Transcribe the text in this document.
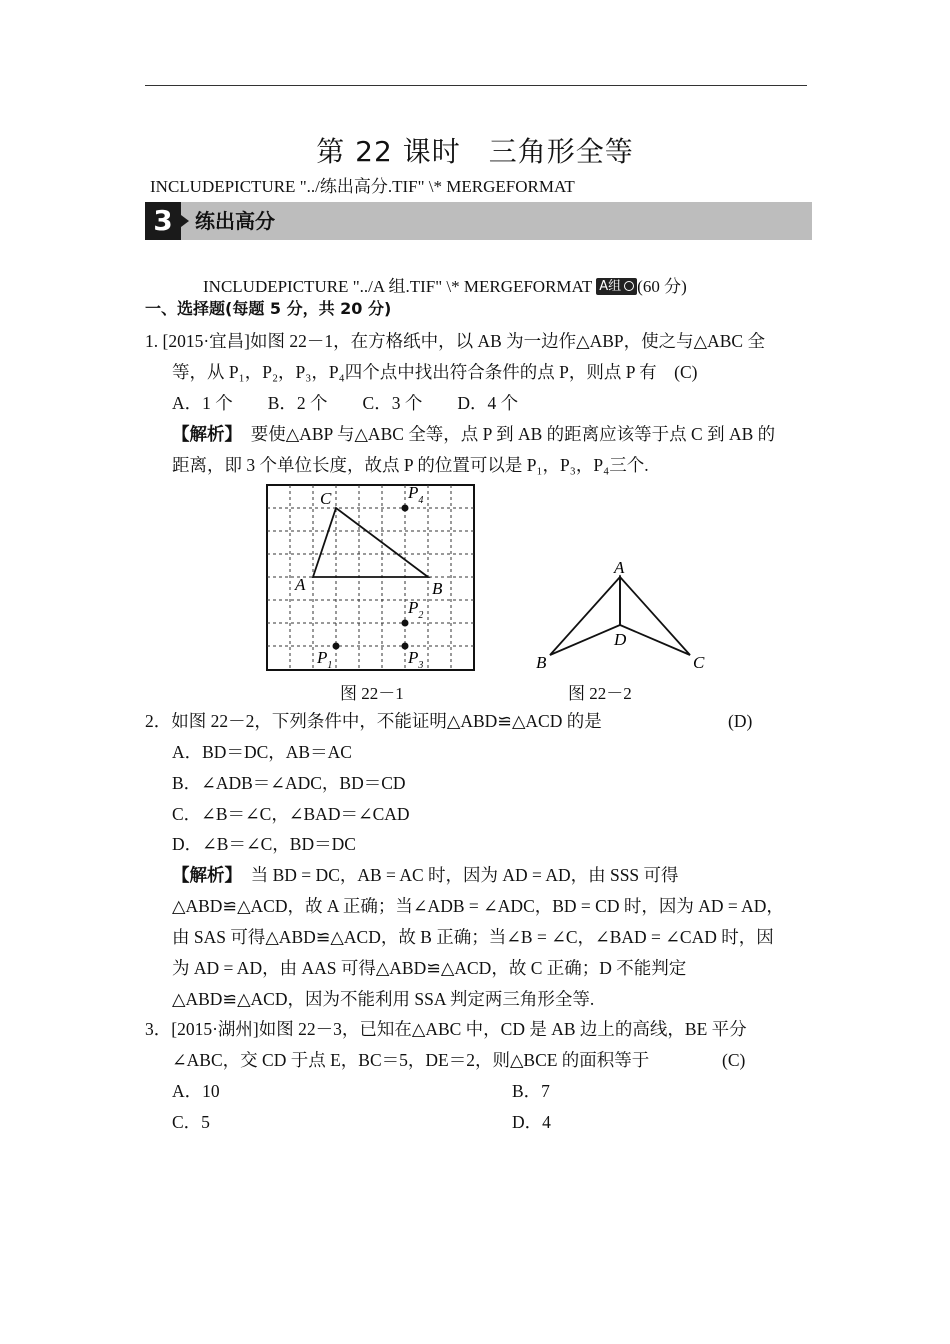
第 22 课时 三角形全等
INCLUDEPICTURE "../练出高分.TIF" \* MERGEFORMAT
3	练出高分
INCLUDEPICTURE "../A 组.TIF" \* MERGEFORMAT A组 (60 分)
一、选择题(每题 5 分，共 20 分)
1. [2015·宜昌]如图 22－1，在方格纸中，以 AB 为一边作△ABP，使之与△ABC 全
等，从 P₁，P₂，P₃，P₄四个点中找出符合条件的点 P，则点 P 有　(C)
A．1 个　　B．2 个　　C．3 个　　D．4 个
【解析】　 要使△ABP 与△ABC 全等，点 P 到 AB 的距离应该等于点 C 到 AB 的
距离，即 3 个单位长度，故点 P 的位置可以是 P₁，P₃，P₄三个.
C
A	B
$P_4$
$P_2$
$P_3$
$P_1$
图 22－1
A
B	C
D
图 22－2
2．如图 22－2，下列条件中，不能证明△ABD≌△ACD 的是	(D)
A．BD＝DC，AB＝AC
B．∠ADB＝∠ADC，BD＝CD
C．∠B＝∠C，∠BAD＝∠CAD
D．∠B＝∠C，BD＝DC
【解析】　 当 BD = DC，AB = AC 时，因为 AD = AD，由 SSS 可得
△ABD≌△ACD，故 A 正确；当∠ADB = ∠ADC，BD = CD 时，因为 AD = AD，
由 SAS 可得△ABD≌△ACD，故 B 正确；当∠B = ∠C，∠BAD = ∠CAD 时，因
为 AD = AD，由 AAS 可得△ABD≌△ACD，故 C 正确；D 不能判定
△ABD≌△ACD，因为不能利用 SSA 判定两三角形全等.
3．[2015·湖州]如图 22－3，已知在△ABC 中，CD 是 AB 边上的高线，BE 平分
∠ABC，交 CD 于点 E，BC＝5，DE＝2，则△BCE 的面积等于	(C)
A．10	B．7
C．5	D．4
